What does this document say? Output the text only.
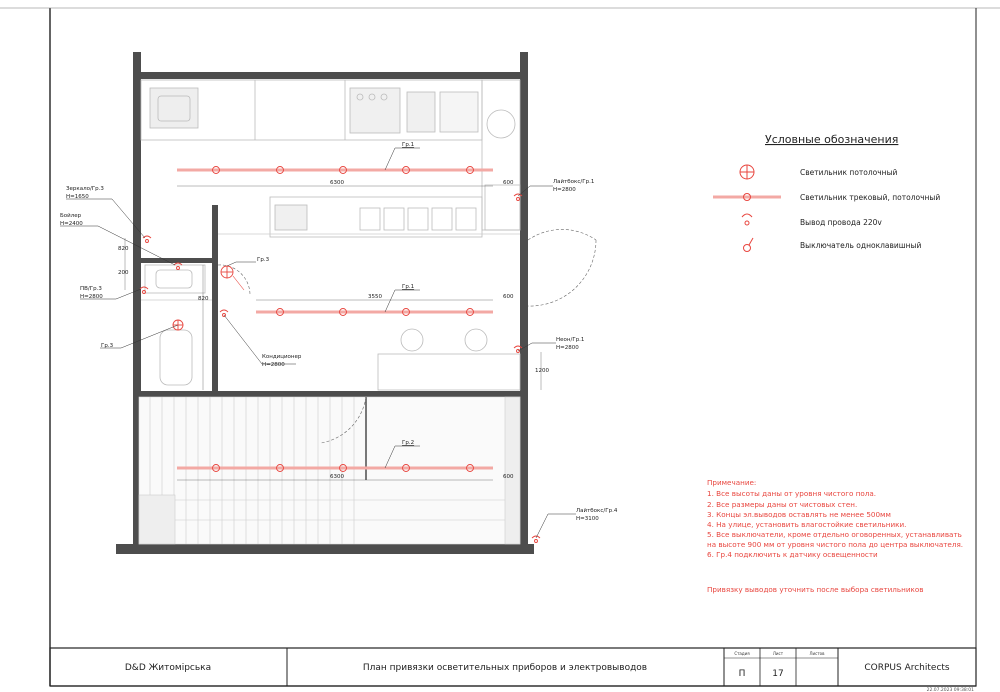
6300	600
Гр.1
3550	600
Гр.1
6300	600
Гр.2
Зеркало/Гр.3
Н=1650
Бойлер
Н=2400
ПВ/Гр.3
Н=2800
Гр.3
Гр.3
Кондиционер
Н=2800
Лайтбокс/Гр.1
Н=2800
Неон/Гр.1
Н=2800
Лайтбокс/Гр.4
Н=3100
820
200
820
1200
Условные обозначения
Светильник потолочный
Светильник трековый, потолочный
Вывод провода 220v
Выключатель одноклавишный
Примечание:
1. Все высоты даны от уровня чистого пола.
2. Все размеры даны от чистовых стен.
3. Концы эл.выводов оставлять не менее 500мм
4. На улице, установить влагостойкие светильники.
5. Все выключатели, кроме отдельно оговоренных, устанавливать
на высоте 900 мм от уровня чистого пола до центра выключателя.
6. Гр.4 подключить к датчику освещенности
Привязку выводов уточнить после выбора светильников
D&D Житомірська	План привязки осветительных приборов и электровыводов
Стадия	Лист	Листов
П	17
CORPUS Architects
22.07.2023 09:38:01
